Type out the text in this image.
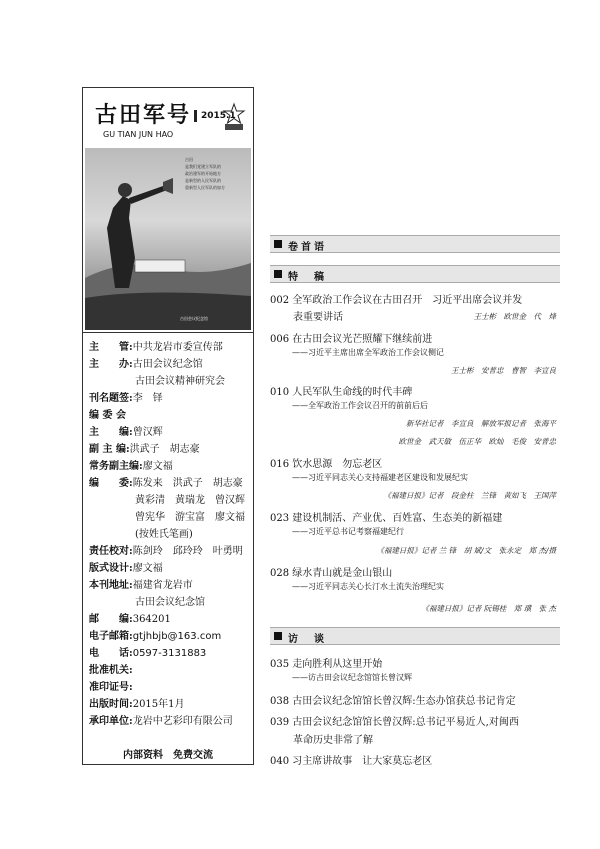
古田军号 2015.1
GU TIAN JUN HAO
古田
是我们党建立军队的
政治建军的开始地方
是新型的人民军队的
重新型人民军队的加方
古田会议纪念馆
主　　管:中共龙岩市委宣传部
主　　办:古田会议纪念馆
古田会议精神研究会
刊名题签:李　铎
编 委 会
主　　编:曾汉辉
副 主 编:洪武子　胡志豪
常务副主编:廖文福
编　　委:陈发来　洪武子　胡志豪
黄彩清　黄瑞龙　曾汉辉
曾宪华　游宝富　廖文福
(按姓氏笔画)
责任校对:陈剑玲　邱玲玲　叶勇明
版式设计:廖文福
本刊地址:福建省龙岩市
古田会议纪念馆
邮　　编:364201
电子邮箱:gtjhbjb@163.com
电　　话:0597-3131883
批准机关:
准印证号:
出版时间:2015年1月
承印单位:龙岩中艺彩印有限公司
内部资料　免费交流
卷首语
特　稿
002 全军政治工作会议在古田召开　习近平出席会议并发
表重要讲话	王士彬　欧世金　代　烽
006 在古田会议光芒照耀下继续前进
——习近平主席出席全军政治工作会议侧记
王士彬　安普忠　曹智　李宣良
010 人民军队生命线的时代丰碑
——全军政治工作会议召开的前前后后
新华社记者　李宣良　解放军报记者　张海平
欧世金　武天敏　伍正华　欧灿　毛俊　安普忠
016 饮水思源　勿忘老区
——习近平同志关心支持福建老区建设和发展纪实
《福建日报》记者　段金柱　兰锋　黄如飞　王国萍
023 建设机制活、产业优、百姓富、生态美的新福建
——习近平总书记考察福建纪行
《福建日报》记者 兰 锋　胡 斌/文　张永定　郑 杰/摄
028 绿水青山就是金山银山
——习近平同志关心长汀水土流失治理纪实
《福建日报》记者 阮锡桂　郑 璜　张 杰
访　谈
035 走向胜利从这里开始
——访古田会议纪念馆馆长曾汉辉
038 古田会议纪念馆馆长曾汉辉:生态办馆获总书记肯定
039 古田会议纪念馆馆长曾汉辉:总书记平易近人,对闽西
革命历史非常了解
040 习主席讲故事　让大家莫忘老区
